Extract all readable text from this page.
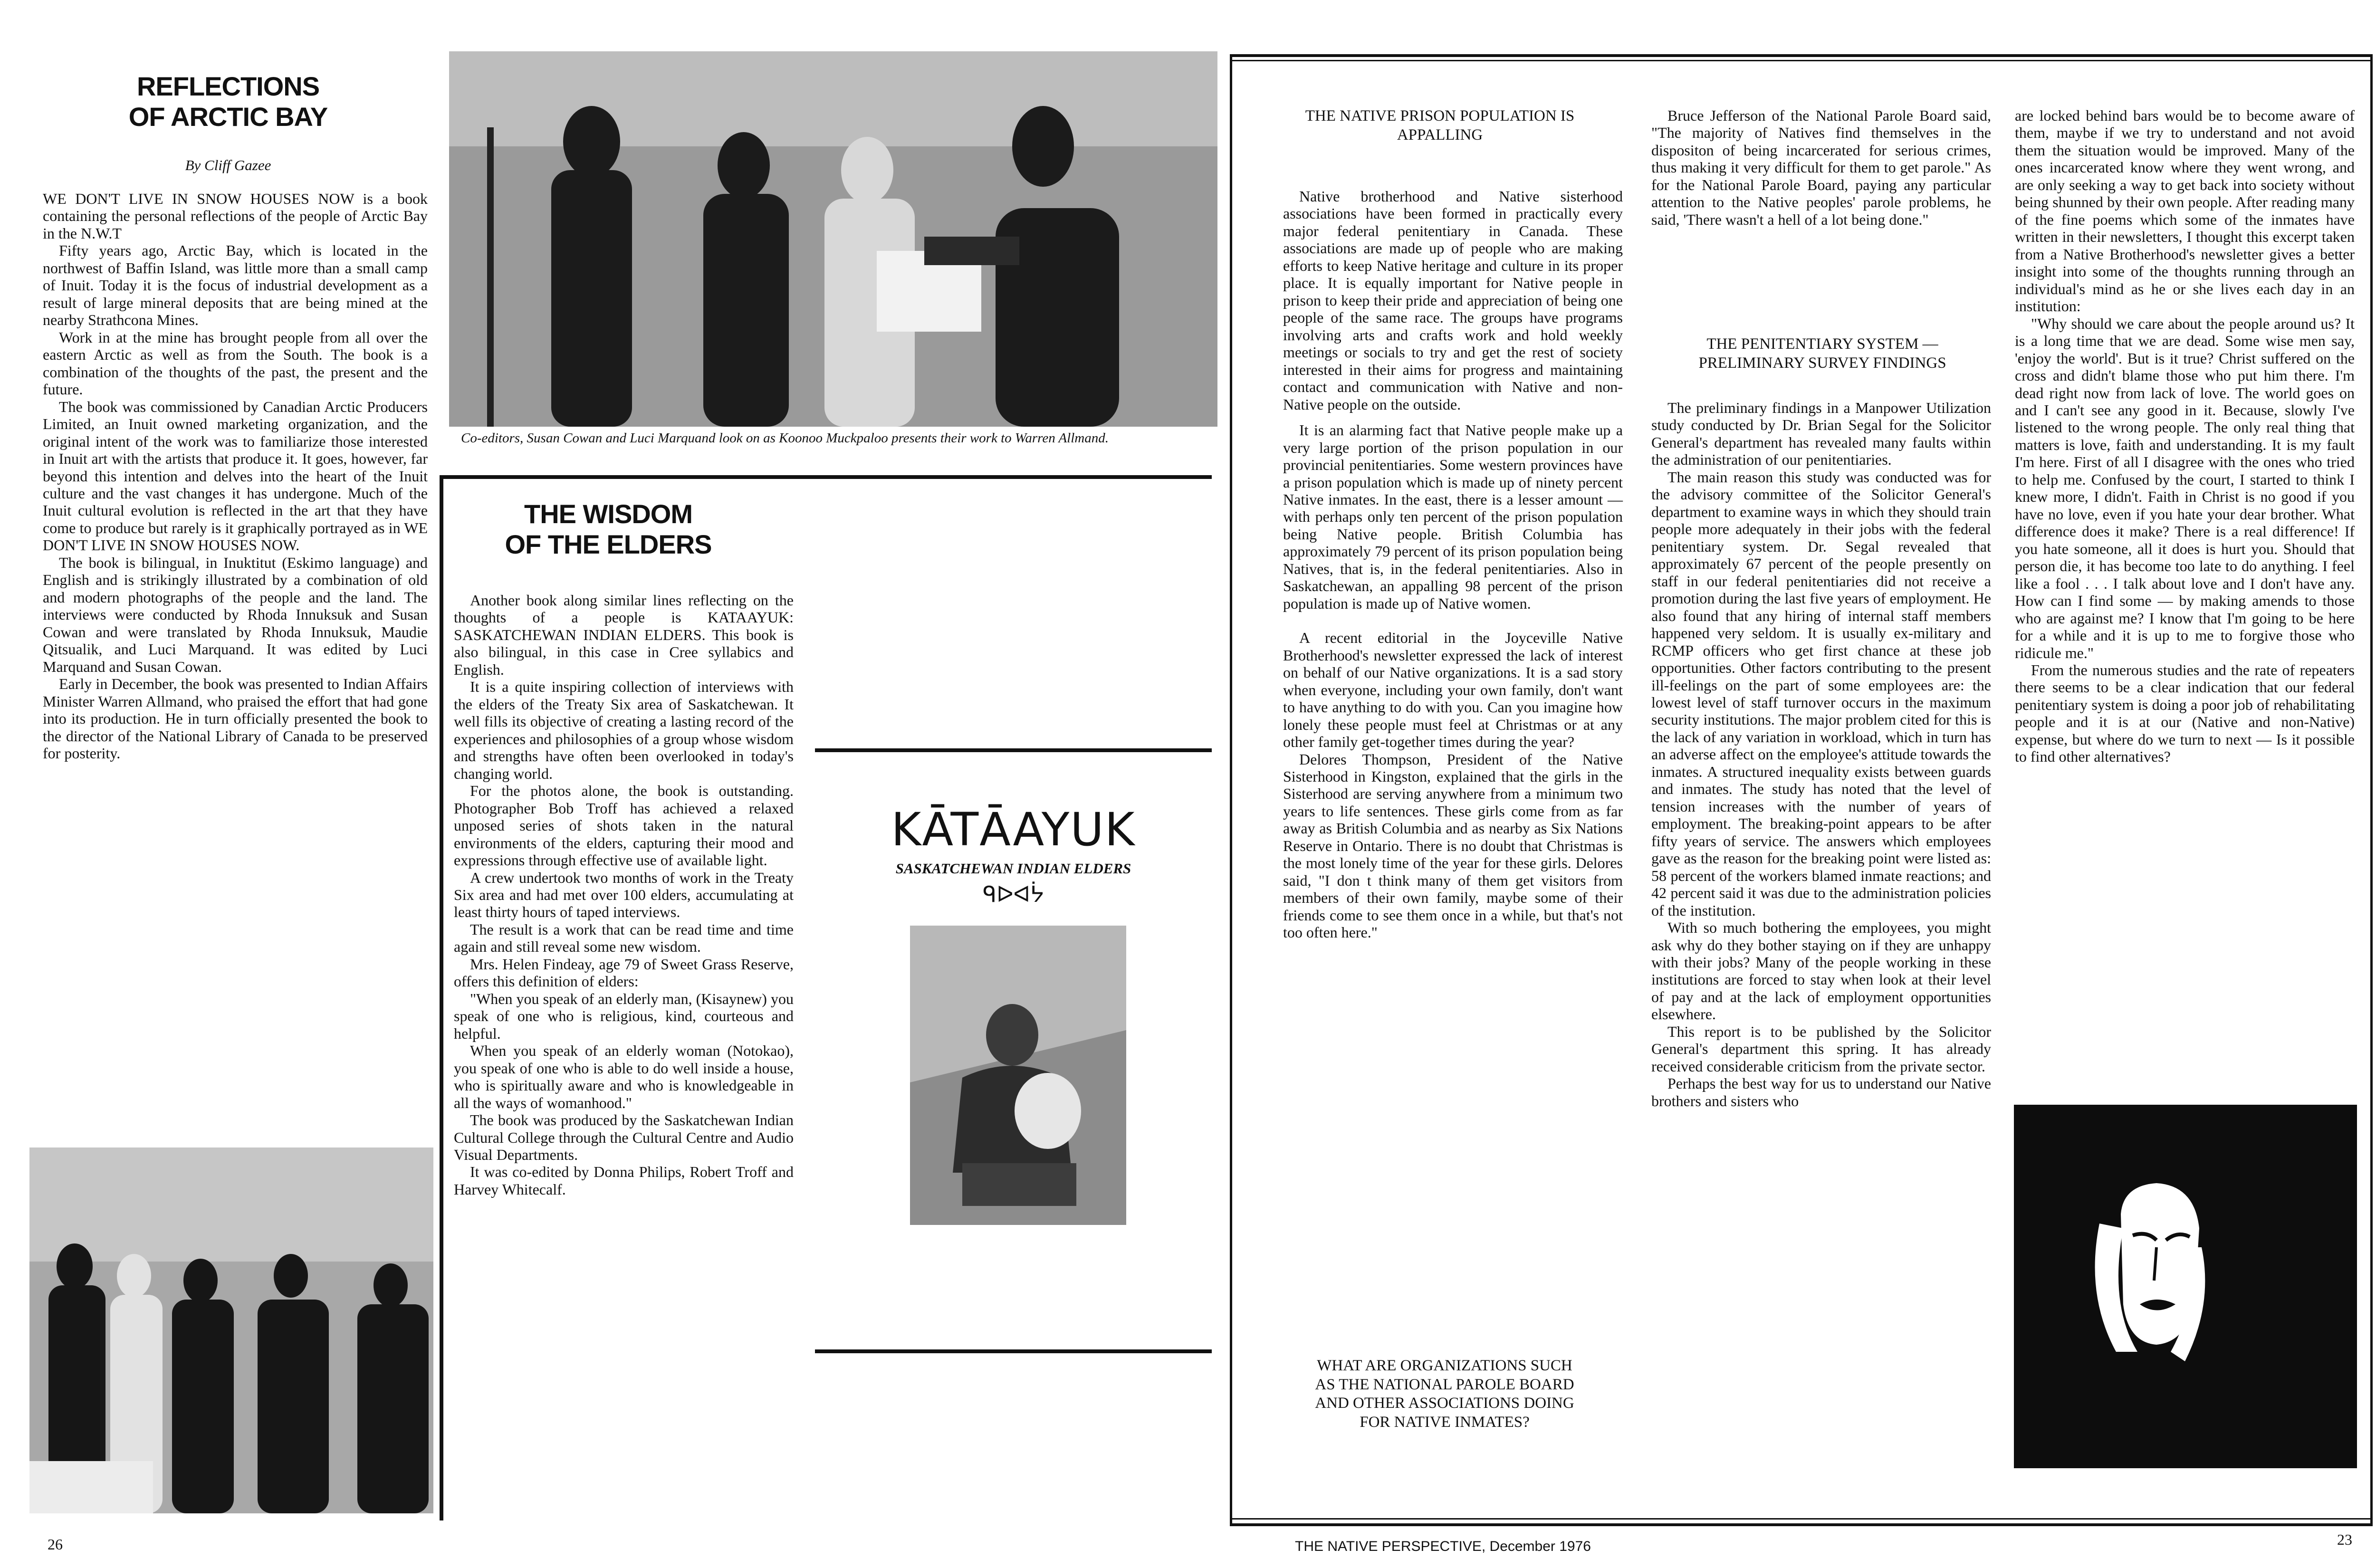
REFLECTIONS
OF ARCTIC BAY
By Cliff Gazee

WE DON'T LIVE IN SNOW HOUSES NOW is a book containing the personal reflections of the people of Arctic Bay in the N.W.T

Fifty years ago, Arctic Bay, which is located in the northwest of Baffin Island, was little more than a small camp of Inuit. Today it is the focus of industrial development as a result of large mineral deposits that are being mined at the nearby Strathcona Mines.

Work in at the mine has brought people from all over the eastern Arctic as well as from the South. The book is a combination of the thoughts of the past, the present and the future.

The book was commissioned by Canadian Arctic Producers Limited, an Inuit owned marketing organization, and the original intent of the work was to familiarize those interested in Inuit art with the artists that produce it. It goes, however, far beyond this intention and delves into the heart of the Inuit culture and the vast changes it has undergone. Much of the Inuit cultural evolution is reflected in the art that they have come to produce but rarely is it graphically portrayed as in WE DON'T LIVE IN SNOW HOUSES NOW.

The book is bilingual, in Inuktitut (Eskimo language) and English and is strikingly illustrated by a combination of old and modern photographs of the people and the land. The interviews were conducted by Rhoda Innuksuk and Susan Cowan and were translated by Rhoda Innuksuk, Maudie Qitsualik, and Luci Marquand. It was edited by Luci Marquand and Susan Cowan.

Early in December, the book was presented to Indian Affairs Minister Warren Allmand, who praised the effort that had gone into its production. He in turn officially presented the book to the director of the National Library of Canada to be preserved for posterity.

Co-editors, Susan Cowan and Luci Marquand look on as Koonoo Muckpaloo presents their work to Warren Allmand.
THE WISDOM
OF THE ELDERS

Another book along similar lines reflecting on the thoughts of a people is KATAAYUK: SASKATCHEWAN INDIAN ELDERS. This book is also bilingual, in this case in Cree syllabics and English.

It is a quite inspiring collection of interviews with the elders of the Treaty Six area of Saskatchewan. It well fills its objective of creating a lasting record of the experiences and philosophies of a group whose wisdom and strengths have often been overlooked in today's changing world.

For the photos alone, the book is outstanding. Photographer Bob Troff has achieved a relaxed unposed series of shots taken in the natural environments of the elders, capturing their mood and expressions through effective use of available light.

A crew undertook two months of work in the Treaty Six area and had met over 100 elders, accumulating at least thirty hours of taped interviews.

The result is a work that can be read time and time again and still reveal some new wisdom.

Mrs. Helen Findeay, age 79 of Sweet Grass Reserve, offers this definition of elders:

"When you speak of an elderly man, (Kisaynew) you speak of one who is religious, kind, courteous and helpful.

When you speak of an elderly woman (Notokao), you speak of one who is able to do well inside a house, who is spiritually aware and who is knowledgeable in all the ways of womanhood."

The book was produced by the Saskatchewan Indian Cultural College through the Cultural Centre and Audio Visual Departments.

It was co-edited by Donna Philips, Robert Troff and Harvey Whitecalf.

KĀTĀAYUK
SASKATCHEWAN INDIAN ELDERS
ᑫᐅᐊᔮ
26
THE NATIVE PRISON POPULATION IS APPALLING

Native brotherhood and Native sisterhood associations have been formed in practically every major federal penitentiary in Canada. These associations are made up of people who are making efforts to keep Native heritage and culture in its proper place. It is equally important for Native people in prison to keep their pride and appreciation of being one people of the same race. The groups have programs involving arts and crafts work and hold weekly meetings or socials to try and get the rest of society interested in their aims for progress and maintaining contact and communication with Native and non-Native people on the outside.

It is an alarming fact that Native people make up a very large portion of the prison population in our provincial penitentiaries. Some western provinces have a prison population which is made up of ninety percent Native inmates. In the east, there is a lesser amount — with perhaps only ten percent of the prison population being Native people. British Columbia has approximately 79 percent of its prison population being Natives, that is, in the federal penitentiaries. Also in Saskatchewan, an appalling 98 percent of the prison population is made up of Native women.

A recent editorial in the Joyceville Native Brotherhood's newsletter expressed the lack of interest on behalf of our Native organizations. It is a sad story when everyone, including your own family, don't want to have anything to do with you. Can you imagine how lonely these people must feel at Christmas or at any other family get-together times during the year?

Delores Thompson, President of the Native Sisterhood in Kingston, explained that the girls in the Sisterhood are serving anywhere from a minimum two years to life sentences. These girls come from as far away as British Columbia and as nearby as Six Nations Reserve in Ontario. There is no doubt that Christmas is the most lonely time of the year for these girls. Delores said, "I don t think many of them get visitors from members of their own family, maybe some of their friends come to see them once in a while, but that's not too often here."

WHAT ARE ORGANIZATIONS SUCH AS THE NATIONAL PAROLE BOARD AND OTHER ASSOCIATIONS DOING FOR NATIVE INMATES?

Bruce Jefferson of the National Parole Board said, "The majority of Natives find themselves in the dispositon of being incarcerated for serious crimes, thus making it very difficult for them to get parole." As for the National Parole Board, paying any particular attention to the Native peoples' parole problems, he said, 'There wasn't a hell of a lot being done."

THE PENITENTIARY SYSTEM — PRELIMINARY SURVEY FINDINGS

The preliminary findings in a Manpower Utilization study conducted by Dr. Brian Segal for the Solicitor General's department has revealed many faults within the administration of our penitentiaries.

The main reason this study was conducted was for the advisory committee of the Solicitor General's department to examine ways in which they should train people more adequately in their jobs with the federal penitentiary system. Dr. Segal revealed that approximately 67 percent of the people presently on staff in our federal penitentiaries did not receive a promotion during the last five years of employment. He also found that any hiring of internal staff members happened very seldom. It is usually ex-military and RCMP officers who get first chance at these job opportunities. Other factors contributing to the present ill-feelings on the part of some employees are: the lowest level of staff turnover occurs in the maximum security institutions. The major problem cited for this is the lack of any variation in workload, which in turn has an adverse affect on the employee's attitude towards the inmates. A structured inequality exists between guards and inmates. The study has noted that the level of tension increases with the number of years of employment. The breaking-point appears to be after fifty years of service. The answers which employees gave as the reason for the breaking point were listed as: 58 percent of the workers blamed inmate reactions; and 42 percent said it was due to the administration policies of the institution.

With so much bothering the employees, you might ask why do they bother staying on if they are unhappy with their jobs? Many of the people working in these institutions are forced to stay when look at their level of pay and at the lack of employment opportunities elsewhere.

This report is to be published by the Solicitor General's department this spring. It has already received considerable criticism from the private sector.

Perhaps the best way for us to understand our Native brothers and sisters who

are locked behind bars would be to become aware of them, maybe if we try to understand and not avoid them the situation would be improved. Many of the ones incarcerated know where they went wrong, and are only seeking a way to get back into society without being shunned by their own people. After reading many of the fine poems which some of the inmates have written in their newsletters, I thought this excerpt taken from a Native Brotherhood's newsletter gives a better insight into some of the thoughts running through an individual's mind as he or she lives each day in an institution:

"Why should we care about the people around us? It is a long time that we are dead. Some wise men say, 'enjoy the world'. But is it true? Christ suffered on the cross and didn't blame those who put him there. I'm dead right now from lack of love. The world goes on and I can't see any good in it. Because, slowly I've listened to the wrong people. The only real thing that matters is love, faith and understanding. It is my fault I'm here. First of all I disagree with the ones who tried to help me. Confused by the court, I started to think I knew more, I didn't. Faith in Christ is no good if you have no love, even if you hate your dear brother. What difference does it make? There is a real difference! If you hate someone, all it does is hurt you. Should that person die, it has become too late to do anything. I feel like a fool . . . I talk about love and I don't have any. How can I find some — by making amends to those who are against me? I know that I'm going to be here for a while and it is up to me to forgive those who ridicule me."

From the numerous studies and the rate of repeaters there seems to be a clear indication that our federal penitentiary system is doing a poor job of rehabilitating people and it is at our (Native and non-Native) expense, but where do we turn to next — Is it possible to find other alternatives?

THE NATIVE PERSPECTIVE, December 1976	23
